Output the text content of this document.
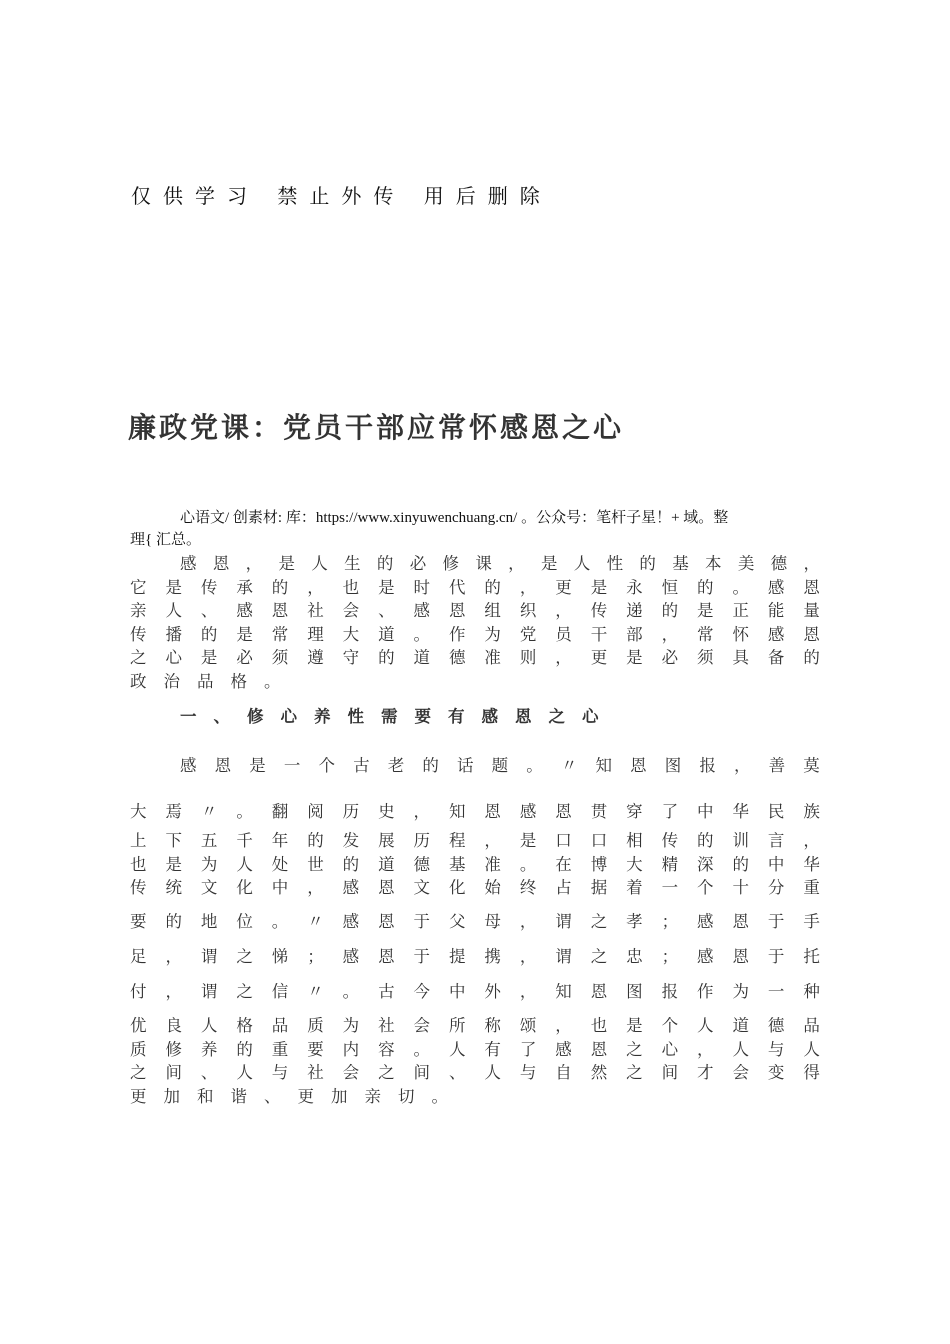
仅供学习 禁止外传 用后删除
廉政党课：党员干部应常怀感恩之心
心语文/ 创素材: 库：https://www.xinyuwenchuang.cn/ 。公众号：笔杆子星！+ 域。整
理{ 汇总。
感 恩 ， 是 人 生 的 必 修 课 ， 是 人 性 的 基 本 美 德 ，
它 是 传 承 的 ， 也 是 时 代 的 ， 更 是 永 恒 的 。 感 恩
亲 人 、 感 恩 社 会 、 感 恩 组 织 ， 传 递 的 是 正 能 量
传 播 的 是 常 理 大 道 。 作 为 党 员 干 部 ， 常 怀 感 恩
之 心 是 必 须 遵 守 的 道 德 准 则 ， 更 是 必 须 具 备 的
政 治 品 格 。
一、修心养性需要有感恩之心
感 恩 是 一 个 古 老 的 话 题 。 〃 知 恩 图 报 ， 善 莫
大 焉 〃 。 翻 阅 历 史 ， 知 恩 感 恩 贯 穿 了 中 华 民 族
上 下 五 千 年 的 发 展 历 程 ， 是 口 口 相 传 的 训 言 ，
也 是 为 人 处 世 的 道 德 基 准 。 在 博 大 精 深 的 中 华
传 统 文 化 中 ， 感 恩 文 化 始 终 占 据 着 一 个 十 分 重
要 的 地 位 。 〃 感 恩 于 父 母 ， 谓 之 孝 ； 感 恩 于 手
足 ， 谓 之 悌 ； 感 恩 于 提 携 ， 谓 之 忠 ； 感 恩 于 托
付 ， 谓 之 信 〃 。 古 今 中 外 ， 知 恩 图 报 作 为 一 种
优 良 人 格 品 质 为 社 会 所 称 颂 ， 也 是 个 人 道 德 品
质 修 养 的 重 要 内 容 。 人 有 了 感 恩 之 心 ， 人 与 人
之 间 、 人 与 社 会 之 间 、 人 与 自 然 之 间 才 会 变 得
更 加 和 谐 、 更 加 亲 切 。
